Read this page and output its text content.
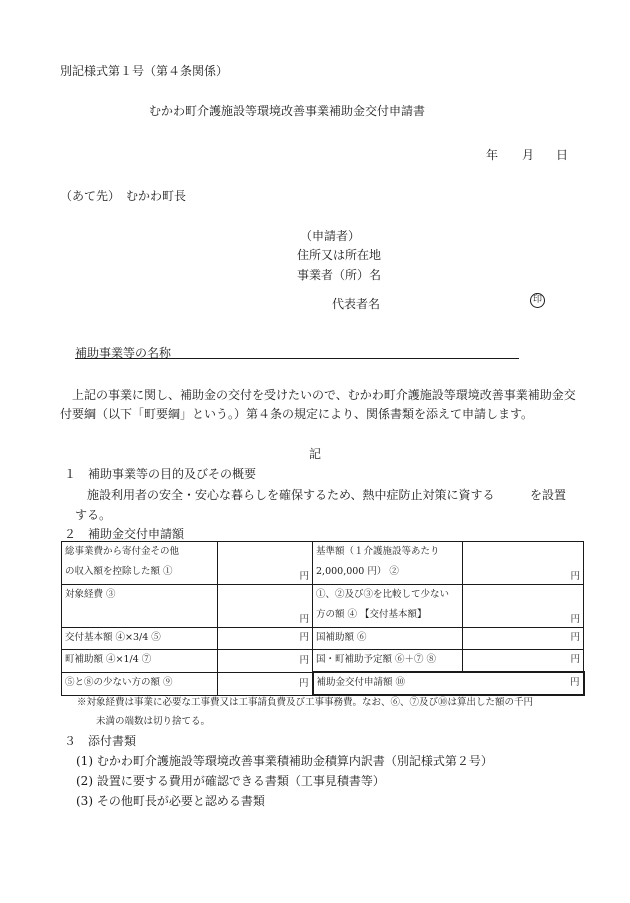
別記様式第１号（第４条関係）
むかわ町介護施設等環境改善事業補助金交付申請書
年 月 日
（あて先）　むかわ町長
（申請者）
住所又は所在地
事業者（所）名
代表者名	印
補助事業等の名称
　上記の事業に関し、補助金の交付を受けたいので、むかわ町介護施設等環境改善事業補助金交
付要綱（以下「町要綱」という。）第４条の規定により、関係書類を添えて申請します。
記
１　補助事業等の目的及びその概要
施設利用者の安全・安心な暮らしを確保するため、熱中症防止対策に資する	を設置
する。
２　補助金交付申請額
総事業費から寄付金その他
の収入額を控除した額 ①	円	基準額（１介護施設等あたり
2,000,000 円） ②	円

対象経費 ③	円	①、②及び③を比較して少ない
方の額 ④ 【交付基本額】	円
交付基本額 ④×3/4 ⑤	円	国補助額 ⑥	円
町補助額 ④×1/4 ⑦	円	国・町補助予定額 ⑥＋⑦ ⑧	円
⑤と⑧の少ない方の額 ⑨	円	補助金交付申請額 ⑩	円
※対象経費は事業に必要な工事費又は工事請負費及び工事事務費。なお、⑥、⑦及び⑩は算出した額の千円
未満の端数は切り捨てる。
３　添付書類
(1) むかわ町介護施設等環境改善事業積補助金積算内訳書（別記様式第２号）
(2) 設置に要する費用が確認できる書類（工事見積書等）
(3) その他町長が必要と認める書類
